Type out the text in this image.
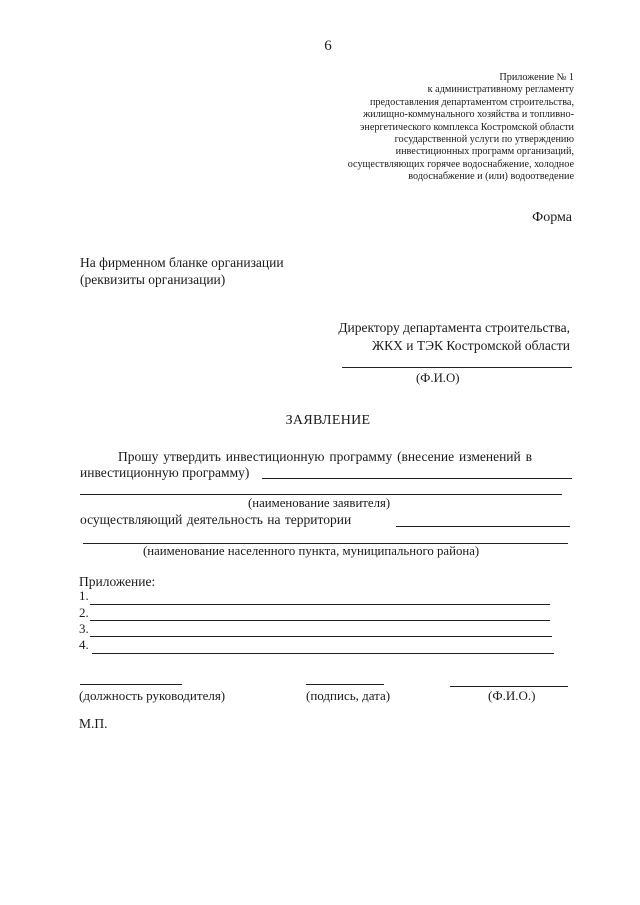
6
Приложение № 1
к административному регламенту
предоставления департаментом строительства,
жилищно-коммунального хозяйства и топливно-
энергетического комплекса Костромской области
государственной услуги по утверждению
инвестиционных программ организаций,
осуществляющих горячее водоснабжение, холодное
водоснабжение и (или) водоотведение
Форма
На фирменном бланке организации
(реквизиты организации)
Директору департамента строительства,
ЖКХ и ТЭК Костромской области
(Ф.И.О)
ЗАЯВЛЕНИЕ
Прошу утвердить инвестиционную программу (внесение изменений в
инвестиционную программу)
(наименование заявителя)
осуществляющий деятельность на территории
(наименование населенного пункта, муниципального района)
Приложение:
1.
2.
3.
4.
(должность руководителя)	(подпись, дата)	(Ф.И.О.)
М.П.
